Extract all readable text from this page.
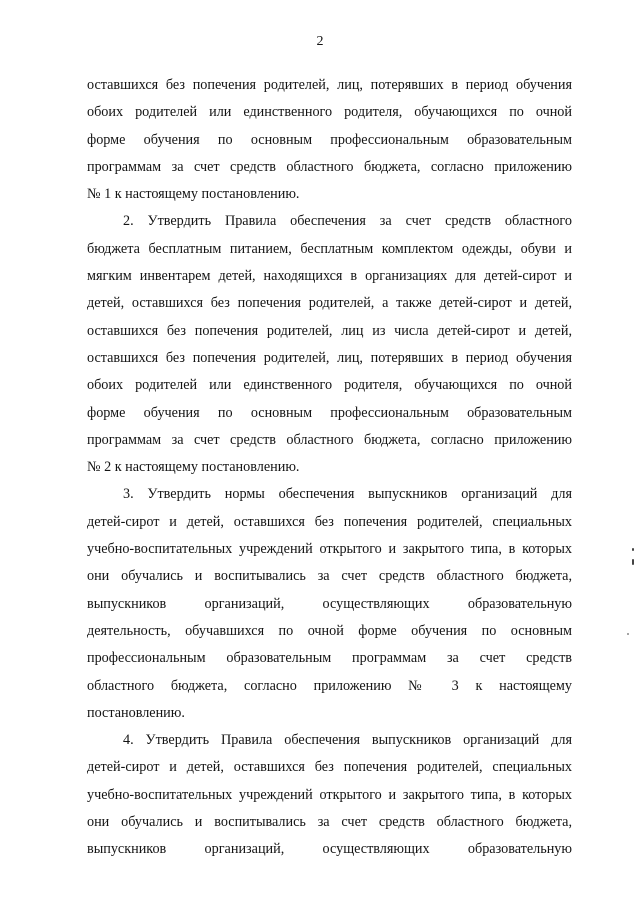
2
оставшихся без попечения родителей, лиц, потерявших в период обучения
обоих родителей или единственного родителя, обучающихся по очной
форме обучения по основным профессиональным образовательным
программам за счет средств областного бюджета, согласно приложению
№ 1 к настоящему постановлению.
2. Утвердить Правила обеспечения за счет средств областного
бюджета бесплатным питанием, бесплатным комплектом одежды, обуви и
мягким инвентарем детей, находящихся в организациях для детей-сирот и
детей, оставшихся без попечения родителей, а также детей-сирот и детей,
оставшихся без попечения родителей, лиц из числа детей-сирот и детей,
оставшихся без попечения родителей, лиц, потерявших в период обучения
обоих родителей или единственного родителя, обучающихся по очной
форме обучения по основным профессиональным образовательным
программам за счет средств областного бюджета, согласно приложению
№ 2 к настоящему постановлению.
3. Утвердить нормы обеспечения выпускников организаций для
детей-сирот и детей, оставшихся без попечения родителей, специальных
учебно-воспитательных учреждений открытого и закрытого типа, в которых
они обучались и воспитывались за счет средств областного бюджета,
выпускников организаций, осуществляющих образовательную
деятельность, обучавшихся по очной форме обучения по основным
профессиональным образовательным программам за счет средств
областного бюджета, согласно приложению № 3 к настоящему
постановлению.
4. Утвердить Правила обеспечения выпускников организаций для
детей-сирот и детей, оставшихся без попечения родителей, специальных
учебно-воспитательных учреждений открытого и закрытого типа, в которых
они обучались и воспитывались за счет средств областного бюджета,
выпускников организаций, осуществляющих образовательную
